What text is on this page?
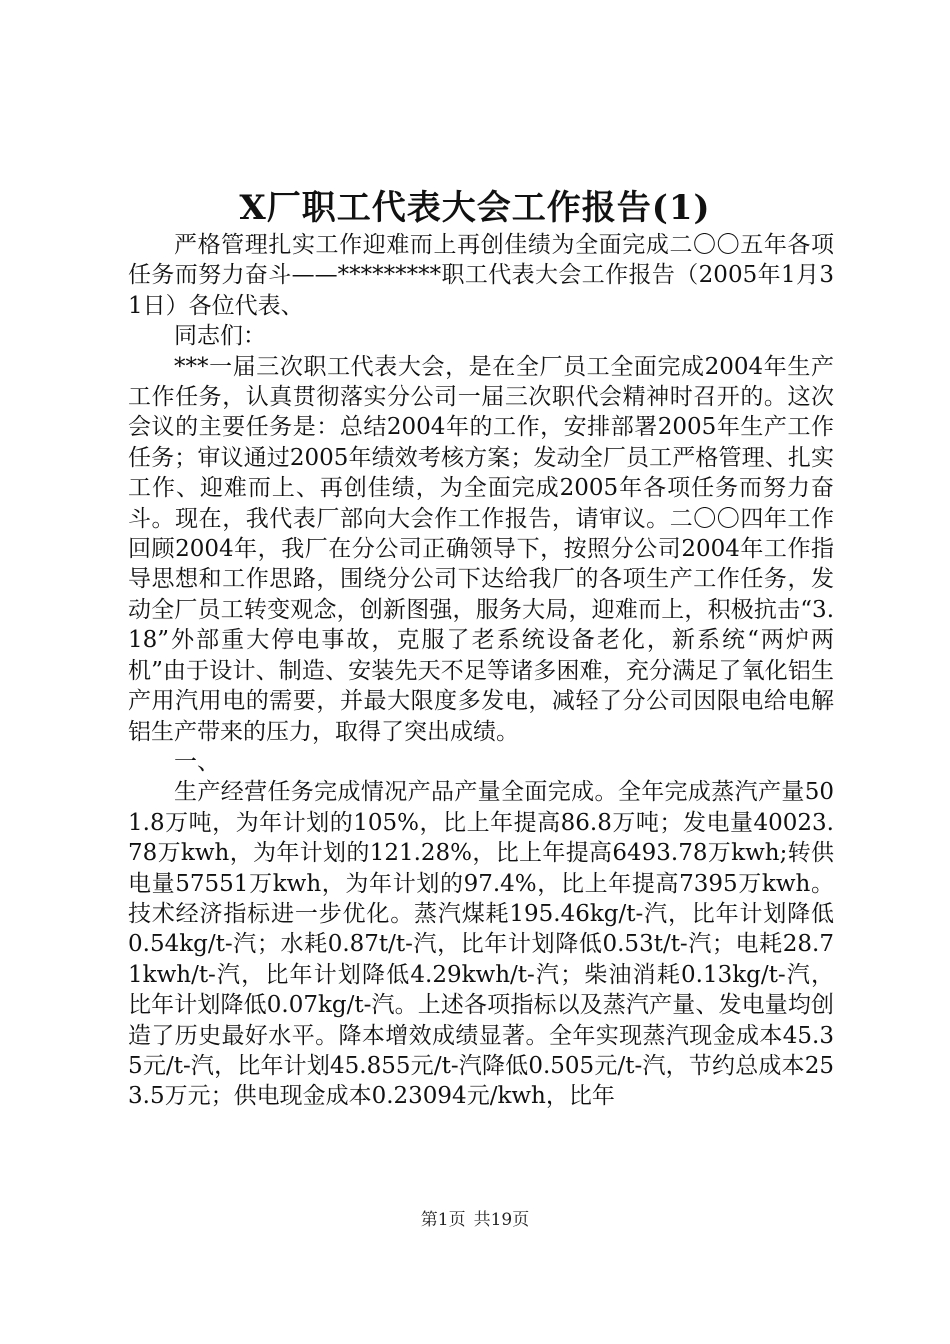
X厂职工代表大会工作报告(1)

严格管理扎实工作迎难而上再创佳绩为全面完成二〇〇五年各项任务而努力奋斗——*********职工代表大会工作报告（2005年1月31日）各位代表、

同志们：

***一届三次职工代表大会，是在全厂员工全面完成2004年生产工作任务，认真贯彻落实分公司一届三次职代会精神时召开的。这次会议的主要任务是：总结2004年的工作，安排部署2005年生产工作任务；审议通过2005年绩效考核方案；发动全厂员工严格管理、扎实工作、迎难而上、再创佳绩，为全面完成2005年各项任务而努力奋斗。现在，我代表厂部向大会作工作报告，请审议。二〇〇四年工作回顾2004年，我厂在分公司正确领导下，按照分公司2004年工作指导思想和工作思路，围绕分公司下达给我厂的各项生产工作任务，发动全厂员工转变观念，创新图强，服务大局，迎难而上，积极抗击“3.18”外部重大停电事故，克服了老系统设备老化，新系统“两炉两机”由于设计、制造、安装先天不足等诸多困难，充分满足了氧化铝生产用汽用电的需要，并最大限度多发电，减轻了分公司因限电给电解铝生产带来的压力，取得了突出成绩。

一、

生产经营任务完成情况产品产量全面完成。全年完成蒸汽产量501.8万吨，为年计划的105%，比上年提高86.8万吨；发电量40023.78万kwh，为年计划的121.28%，比上年提高6493.78万kwh;转供电量57551万kwh，为年计划的97.4%，比上年提高7395万kwh。技术经济指标进一步优化。蒸汽煤耗195.46kg/t-汽，比年计划降低0.54kg/t-汽；水耗0.87t/t-汽，比年计划降低0.53t/t-汽；电耗28.71kwh/t-汽，比年计划降低4.29kwh/t-汽；柴油消耗0.13kg/t-汽，比年计划降低0.07kg/t-汽。上述各项指标以及蒸汽产量、发电量均创造了历史最好水平。降本增效成绩显著。全年实现蒸汽现金成本45.35元/t-汽，比年计划45.855元/t-汽降低0.505元/t-汽，节约总成本253.5万元；供电现金成本0.23094元/kwh，比年

第1页 共19页
